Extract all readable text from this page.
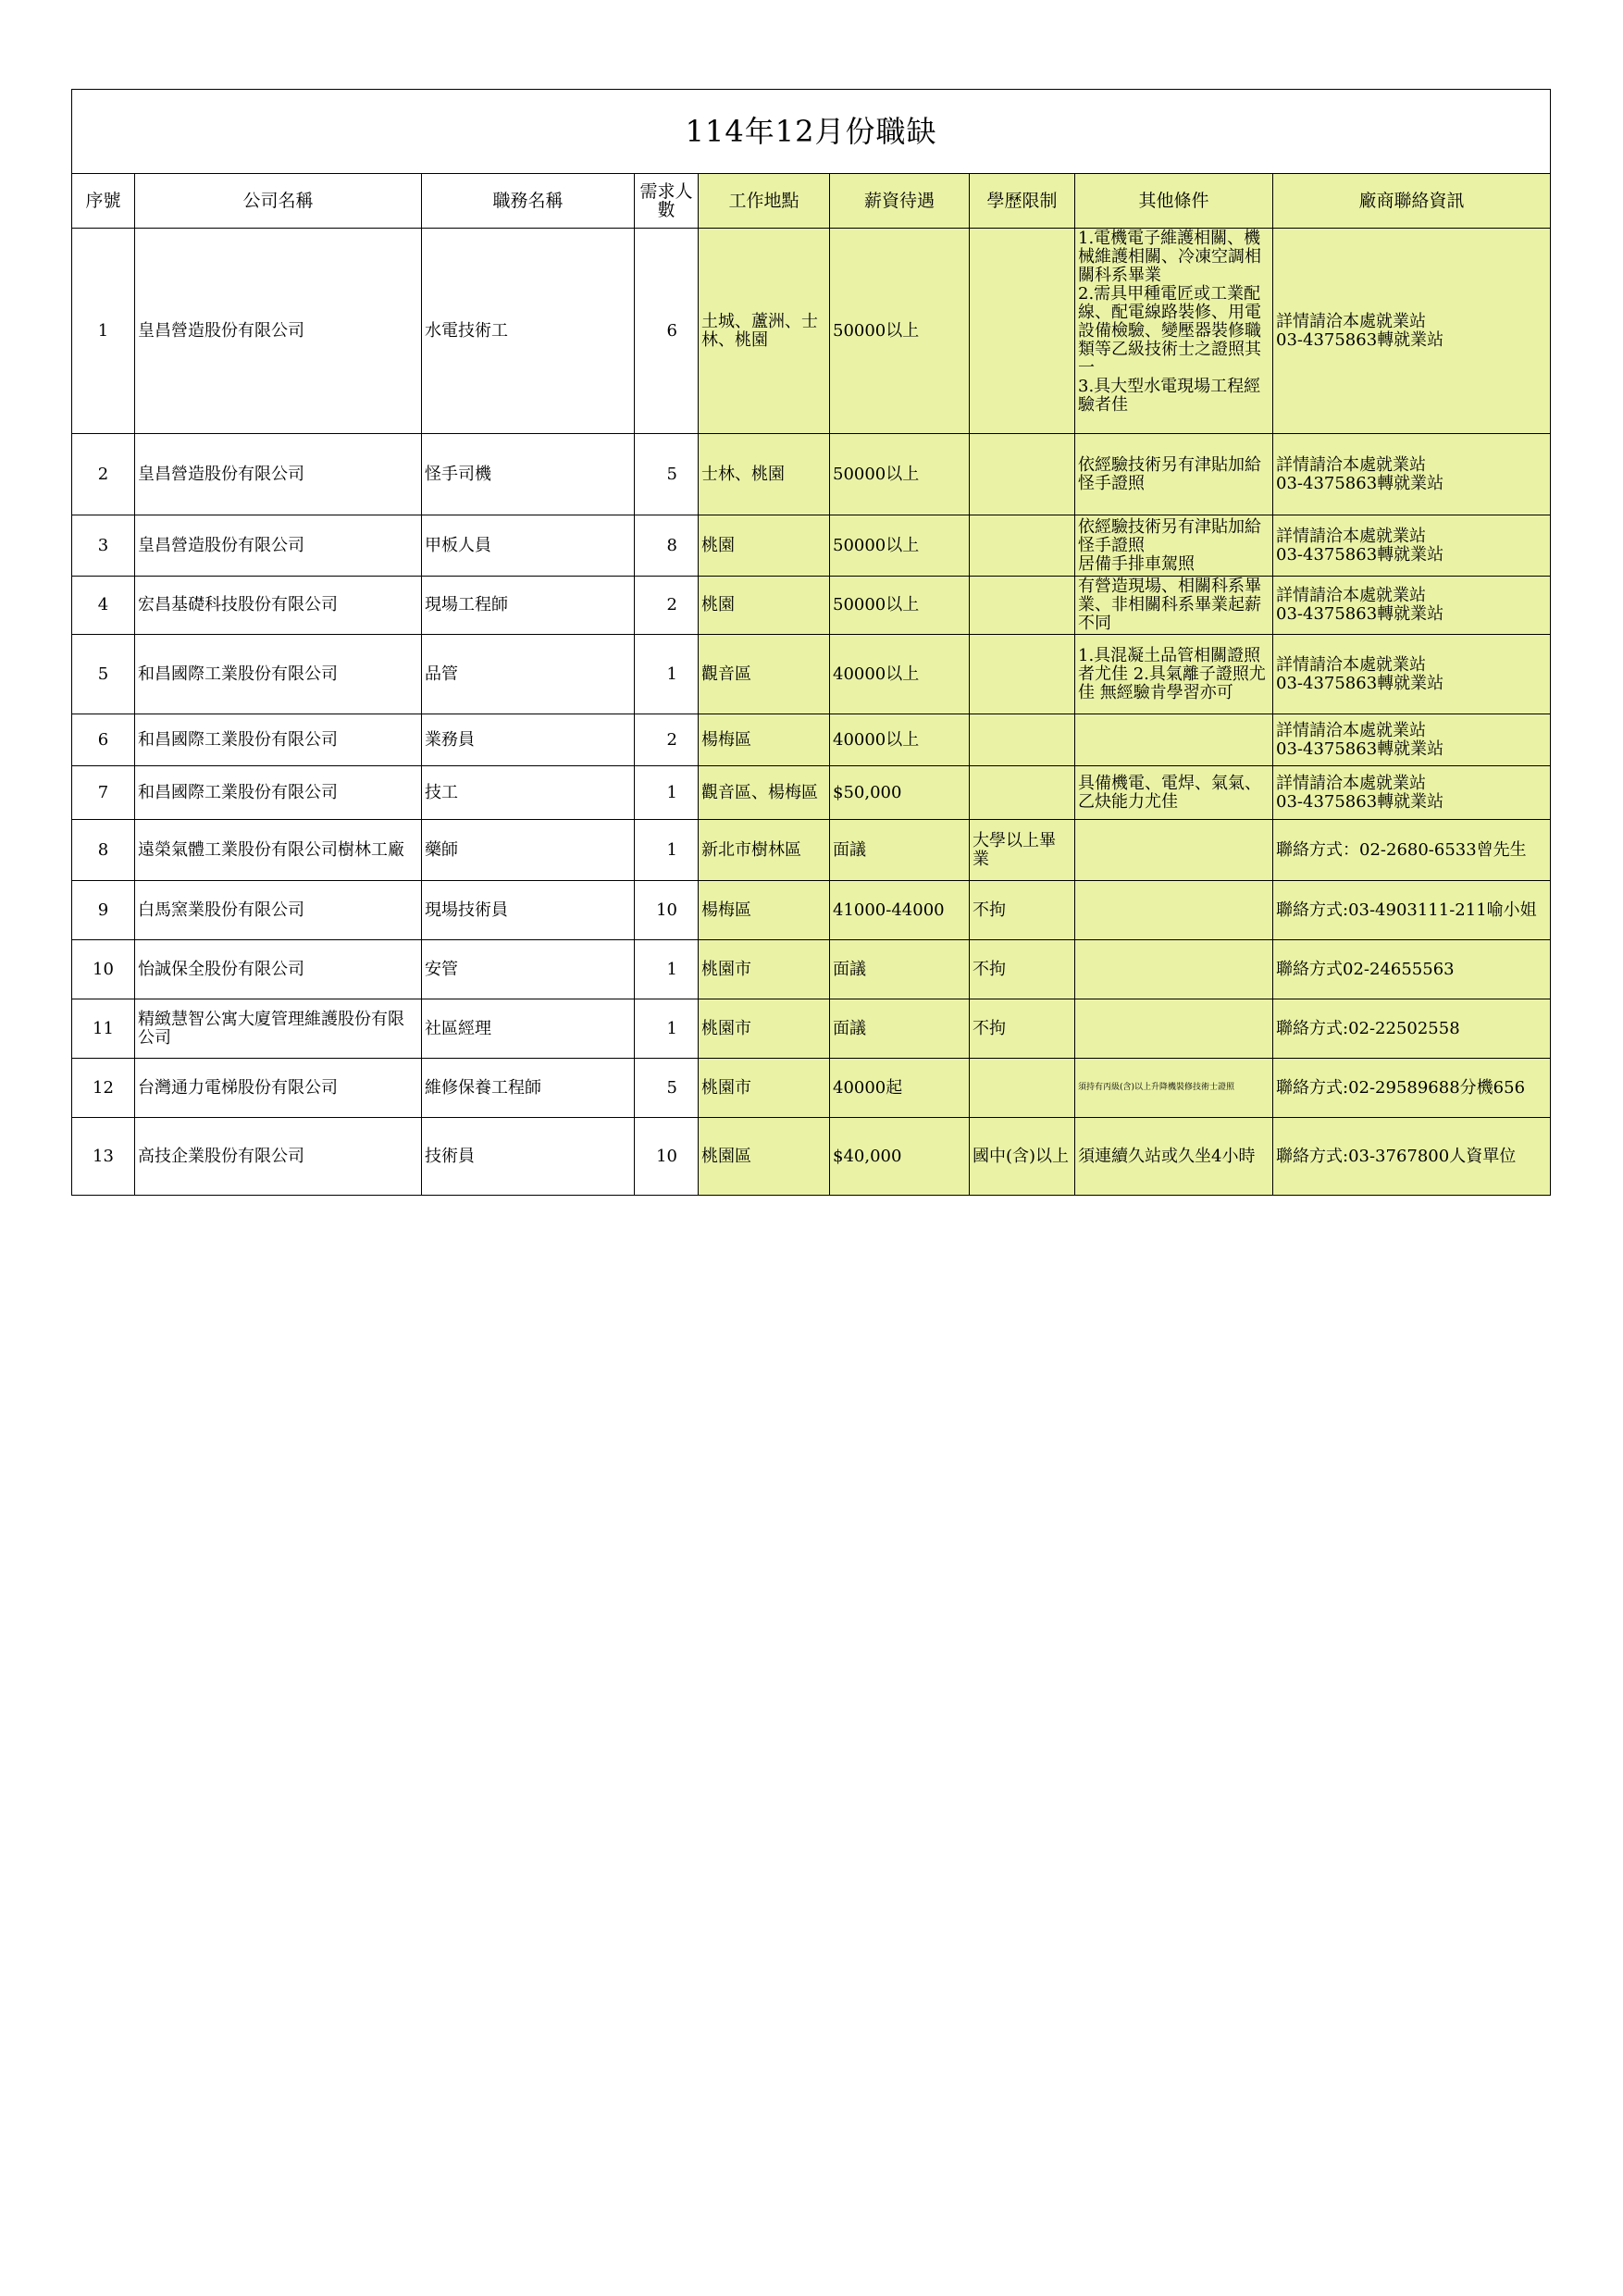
114年12月份職缺								
序號	公司名稱	職務名稱	需求人數	工作地點	薪資待遇	學歷限制	其他條件	廠商聯絡資訊
1	皇昌營造股份有限公司	水電技術工	6	土城、蘆洲、士林、桃園	50000以上		1.電機電子維護相關、機械維護相關、冷凍空調相關科系畢業
2.需具甲種電匠或工業配線、配電線路裝修、用電設備檢驗、變壓器裝修職類等乙級技術士之證照其一
3.具大型水電現場工程經驗者佳	詳情請洽本處就業站
03-4375863轉就業站
2	皇昌營造股份有限公司	怪手司機	5	士林、桃園	50000以上		依經驗技術另有津貼加給
怪手證照	詳情請洽本處就業站
03-4375863轉就業站
3	皇昌營造股份有限公司	甲板人員	8	桃園	50000以上		依經驗技術另有津貼加給 怪手證照
居備手排車駕照	詳情請洽本處就業站
03-4375863轉就業站
4	宏昌基礎科技股份有限公司	現場工程師	2	桃園	50000以上		有營造現場、相關科系畢業、非相關科系畢業起薪不同	詳情請洽本處就業站
03-4375863轉就業站
5	和昌國際工業股份有限公司	品管	1	觀音區	40000以上		1.具混凝土品管相關證照者尤佳 2.具氣離子證照尤佳 無經驗肯學習亦可	詳情請洽本處就業站
03-4375863轉就業站
6	和昌國際工業股份有限公司	業務員	2	楊梅區	40000以上			詳情請洽本處就業站
03-4375863轉就業站
7	和昌國際工業股份有限公司	技工	1	觀音區、楊梅區	$50,000		具備機電、電焊、氣氣、乙炔能力尤佳	詳情請洽本處就業站
03-4375863轉就業站
8	遠榮氣體工業股份有限公司樹林工廠	藥師	1	新北市樹林區	面議	大學以上畢業		聯絡方式：02-2680-6533曾先生
9	白馬窯業股份有限公司	現場技術員	10	楊梅區	41000-44000	不拘		聯絡方式:03-4903111-211喻小姐
10	怡誠保全股份有限公司	安管	1	桃園市	面議	不拘		聯絡方式02-24655563
11	精緻慧智公寓大廈管理維護股份有限公司	社區經理	1	桃園市	面議	不拘		聯絡方式:02-22502558
12	台灣通力電梯股份有限公司	維修保養工程師	5	桃園市	40000起		須持有丙級(含)以上升降機裝修技術士證照	聯絡方式:02-29589688分機656
13	高技企業股份有限公司	技術員	10	桃園區	$40,000	國中(含)以上	須連續久站或久坐4小時	聯絡方式:03-3767800人資單位
